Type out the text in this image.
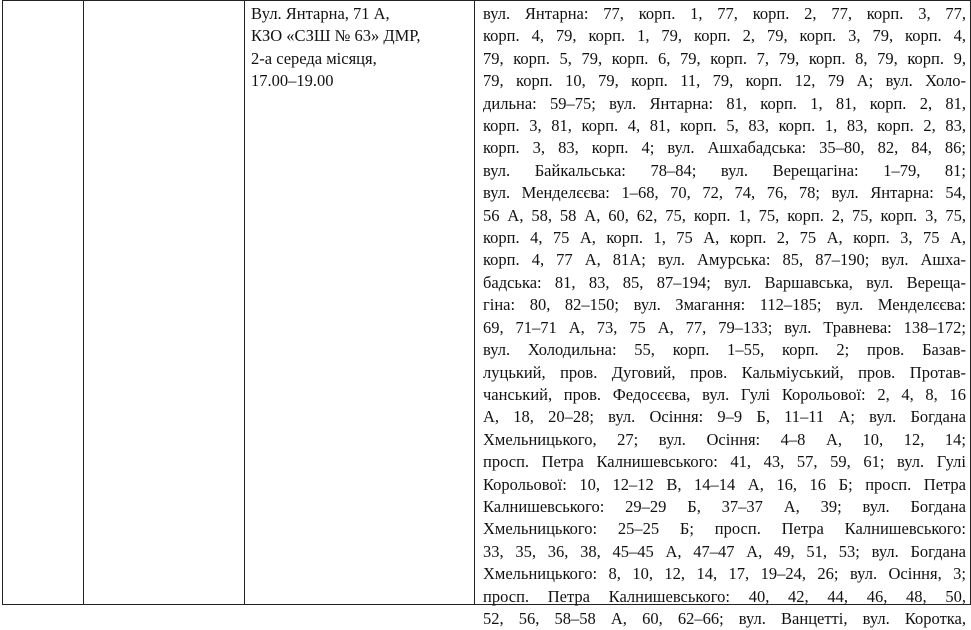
Вул. Янтарна, 71 А,
КЗО «СЗШ № 63» ДМР,
2-а середа місяця,
17.00–19.00

вул. Янтарна: 77, корп. 1, 77, корп. 2, 77, корп. 3, 77,
корп. 4, 79, корп. 1, 79, корп. 2, 79, корп. 3, 79, корп. 4,
79, корп. 5, 79, корп. 6, 79, корп. 7, 79, корп. 8, 79, корп. 9,
79, корп. 10, 79, корп. 11, 79, корп. 12, 79 А; вул. Холо-
дильна: 59–75; вул. Янтарна: 81, корп. 1, 81, корп. 2, 81,
корп. 3, 81, корп. 4, 81, корп. 5, 83, корп. 1, 83, корп. 2, 83,
корп. 3, 83, корп. 4; вул. Ашхабадська: 35–80, 82, 84, 86;
вул. Байкальська: 78–84; вул. Верещагіна: 1–79, 81;
вул. Менделєєва: 1–68, 70, 72, 74, 76, 78; вул. Янтарна: 54,
56 А, 58, 58 А, 60, 62, 75, корп. 1, 75, корп. 2, 75, корп. 3, 75,
корп. 4, 75 А, корп. 1, 75 А, корп. 2, 75 А, корп. 3, 75 А,
корп. 4, 77 А, 81А; вул. Амурська: 85, 87–190; вул. Ашха-
бадська: 81, 83, 85, 87–194; вул. Варшавська, вул. Вереща-
гіна: 80, 82–150; вул. Змагання: 112–185; вул. Менделєєва:
69, 71–71 А, 73, 75 А, 77, 79–133; вул. Травнева: 138–172;
вул. Холодильна: 55, корп. 1–55, корп. 2; пров. Базав-
луцький, пров. Дуговий, пров. Кальміуський, пров. Протав-
чанський, пров. Федосєєва, вул. Гулі Корольової: 2, 4, 8, 16
А, 18, 20–28; вул. Осіння: 9–9 Б, 11–11 А; вул. Богдана
Хмельницького, 27; вул. Осіння: 4–8 А, 10, 12, 14;
просп. Петра Калнишевського: 41, 43, 57, 59, 61; вул. Гулі
Корольової: 10, 12–12 В, 14–14 А, 16, 16 Б; просп. Петра
Калнишевського: 29–29 Б, 37–37 А, 39; вул. Богдана
Хмельницького: 25–25 Б; просп. Петра Калнишевського:
33, 35, 36, 38, 45–45 А, 47–47 А, 49, 51, 53; вул. Богдана
Хмельницького: 8, 10, 12, 14, 17, 19–24, 26; вул. Осіння, 3;
просп. Петра Калнишевського: 40, 42, 44, 46, 48, 50,
52, 56, 58–58 А, 60, 62–66; вул. Ванцетті, вул. Коротка,
